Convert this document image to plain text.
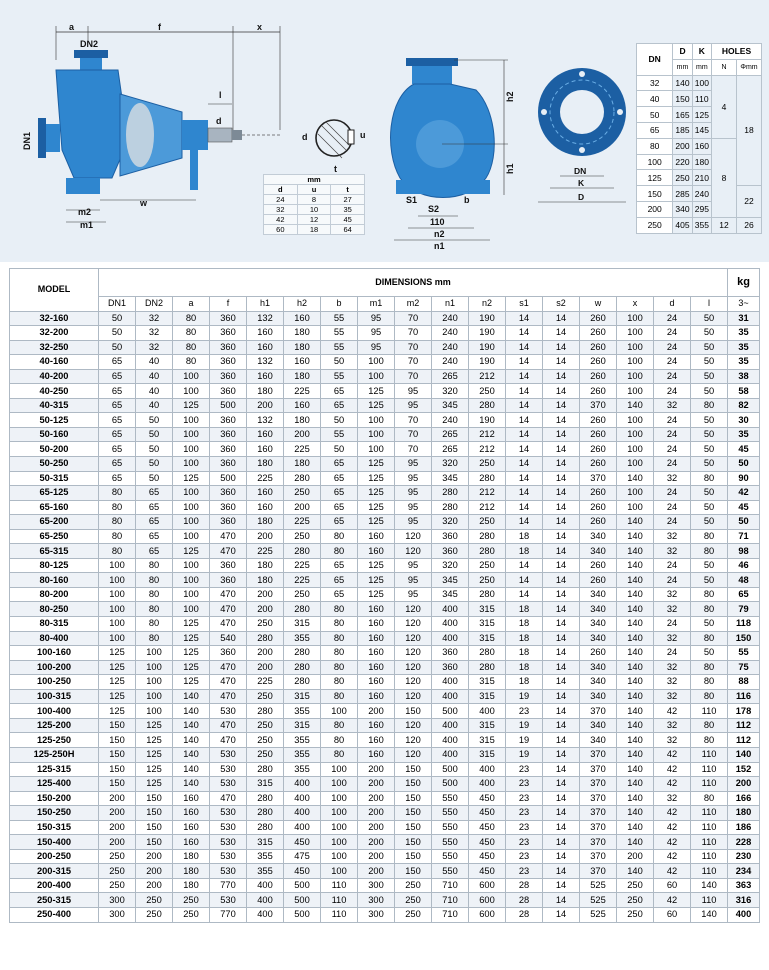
a	f	x
DN2
DN1
l
d
m2
m1
w
d	u
t
mm		
d	u	t
24	8	27
32	10	35
42	12	45
60	18	64
h2
h1
S1
S2
b
110
n2
n1
DN
K
D
DN	D	K	HOLES	
	mm	mm	N	Φmm
32	140	100	4	18
40	150	110		
50	165	125		
65	185	145		
80	200	160	8	
100	220	180		
125	250	210		
150	285	240		22
200	340	295		
250	405	355	12	26
MODEL	DIMENSIONS mm																	kg
	DN1	DN2	a	f	h1	h2	b	m1	m2	n1	n2	s1	s2	w	x	d	l	3~
32-160	50	32	80	360	132	160	55	95	70	240	190	14	14	260	100	24	50	31
32-200	50	32	80	360	160	180	55	95	70	240	190	14	14	260	100	24	50	35
32-250	50	32	80	360	160	180	55	95	70	240	190	14	14	260	100	24	50	35
40-160	65	40	80	360	132	160	50	100	70	240	190	14	14	260	100	24	50	35
40-200	65	40	100	360	160	180	55	100	70	265	212	14	14	260	100	24	50	38
40-250	65	40	100	360	180	225	65	125	95	320	250	14	14	260	100	24	50	58
40-315	65	40	125	500	200	160	65	125	95	345	280	14	14	370	140	32	80	82
50-125	65	50	100	360	132	180	50	100	70	240	190	14	14	260	100	24	50	30
50-160	65	50	100	360	160	200	55	100	70	265	212	14	14	260	100	24	50	35
50-200	65	50	100	360	160	225	50	100	70	265	212	14	14	260	100	24	50	45
50-250	65	50	100	360	180	180	65	125	95	320	250	14	14	260	100	24	50	50
50-315	65	50	125	500	225	280	65	125	95	345	280	14	14	370	140	32	80	90
65-125	80	65	100	360	160	250	65	125	95	280	212	14	14	260	100	24	50	42
65-160	80	65	100	360	160	200	65	125	95	280	212	14	14	260	100	24	50	45
65-200	80	65	100	360	180	225	65	125	95	320	250	14	14	260	140	24	50	50
65-250	80	65	100	470	200	250	80	160	120	360	280	18	14	340	140	32	80	71
65-315	80	65	125	470	225	280	80	160	120	360	280	18	14	340	140	32	80	98
80-125	100	80	100	360	180	225	65	125	95	320	250	14	14	260	140	24	50	46
80-160	100	80	100	360	180	225	65	125	95	345	250	14	14	260	140	24	50	48
80-200	100	80	100	470	200	250	65	125	95	345	280	14	14	340	140	32	80	65
80-250	100	80	100	470	200	280	80	160	120	400	315	18	14	340	140	32	80	79
80-315	100	80	125	470	250	315	80	160	120	400	315	18	14	340	140	24	50	118
80-400	100	80	125	540	280	355	80	160	120	400	315	18	14	340	140	32	80	150
100-160	125	100	125	360	200	280	80	160	120	360	280	18	14	260	140	24	50	55
100-200	125	100	125	470	200	280	80	160	120	360	280	18	14	340	140	32	80	75
100-250	125	100	125	470	225	280	80	160	120	400	315	18	14	340	140	32	80	88
100-315	125	100	140	470	250	315	80	160	120	400	315	19	14	340	140	32	80	116
100-400	125	100	140	530	280	355	100	200	150	500	400	23	14	370	140	42	110	178
125-200	150	125	140	470	250	315	80	160	120	400	315	19	14	340	140	32	80	112
125-250	150	125	140	470	250	355	80	160	120	400	315	19	14	340	140	32	80	112
125-250H	150	125	140	530	250	355	80	160	120	400	315	19	14	370	140	42	110	140
125-315	150	125	140	530	280	355	100	200	150	500	400	23	14	370	140	42	110	152
125-400	150	125	140	530	315	400	100	200	150	500	400	23	14	370	140	42	110	200
150-200	200	150	160	470	280	400	100	200	150	550	450	23	14	370	140	32	80	166
150-250	200	150	160	530	280	400	100	200	150	550	450	23	14	370	140	42	110	180
150-315	200	150	160	530	280	400	100	200	150	550	450	23	14	370	140	42	110	186
150-400	200	150	160	530	315	450	100	200	150	550	450	23	14	370	140	42	110	228
200-250	250	200	180	530	355	475	100	200	150	550	450	23	14	370	200	42	110	230
200-315	250	200	180	530	355	450	100	200	150	550	450	23	14	370	140	42	110	234
200-400	250	200	180	770	400	500	110	300	250	710	600	28	14	525	250	60	140	363
250-315	300	250	250	530	400	500	110	300	250	710	600	28	14	525	250	42	110	316
250-400	300	250	250	770	400	500	110	300	250	710	600	28	14	525	250	60	140	400
